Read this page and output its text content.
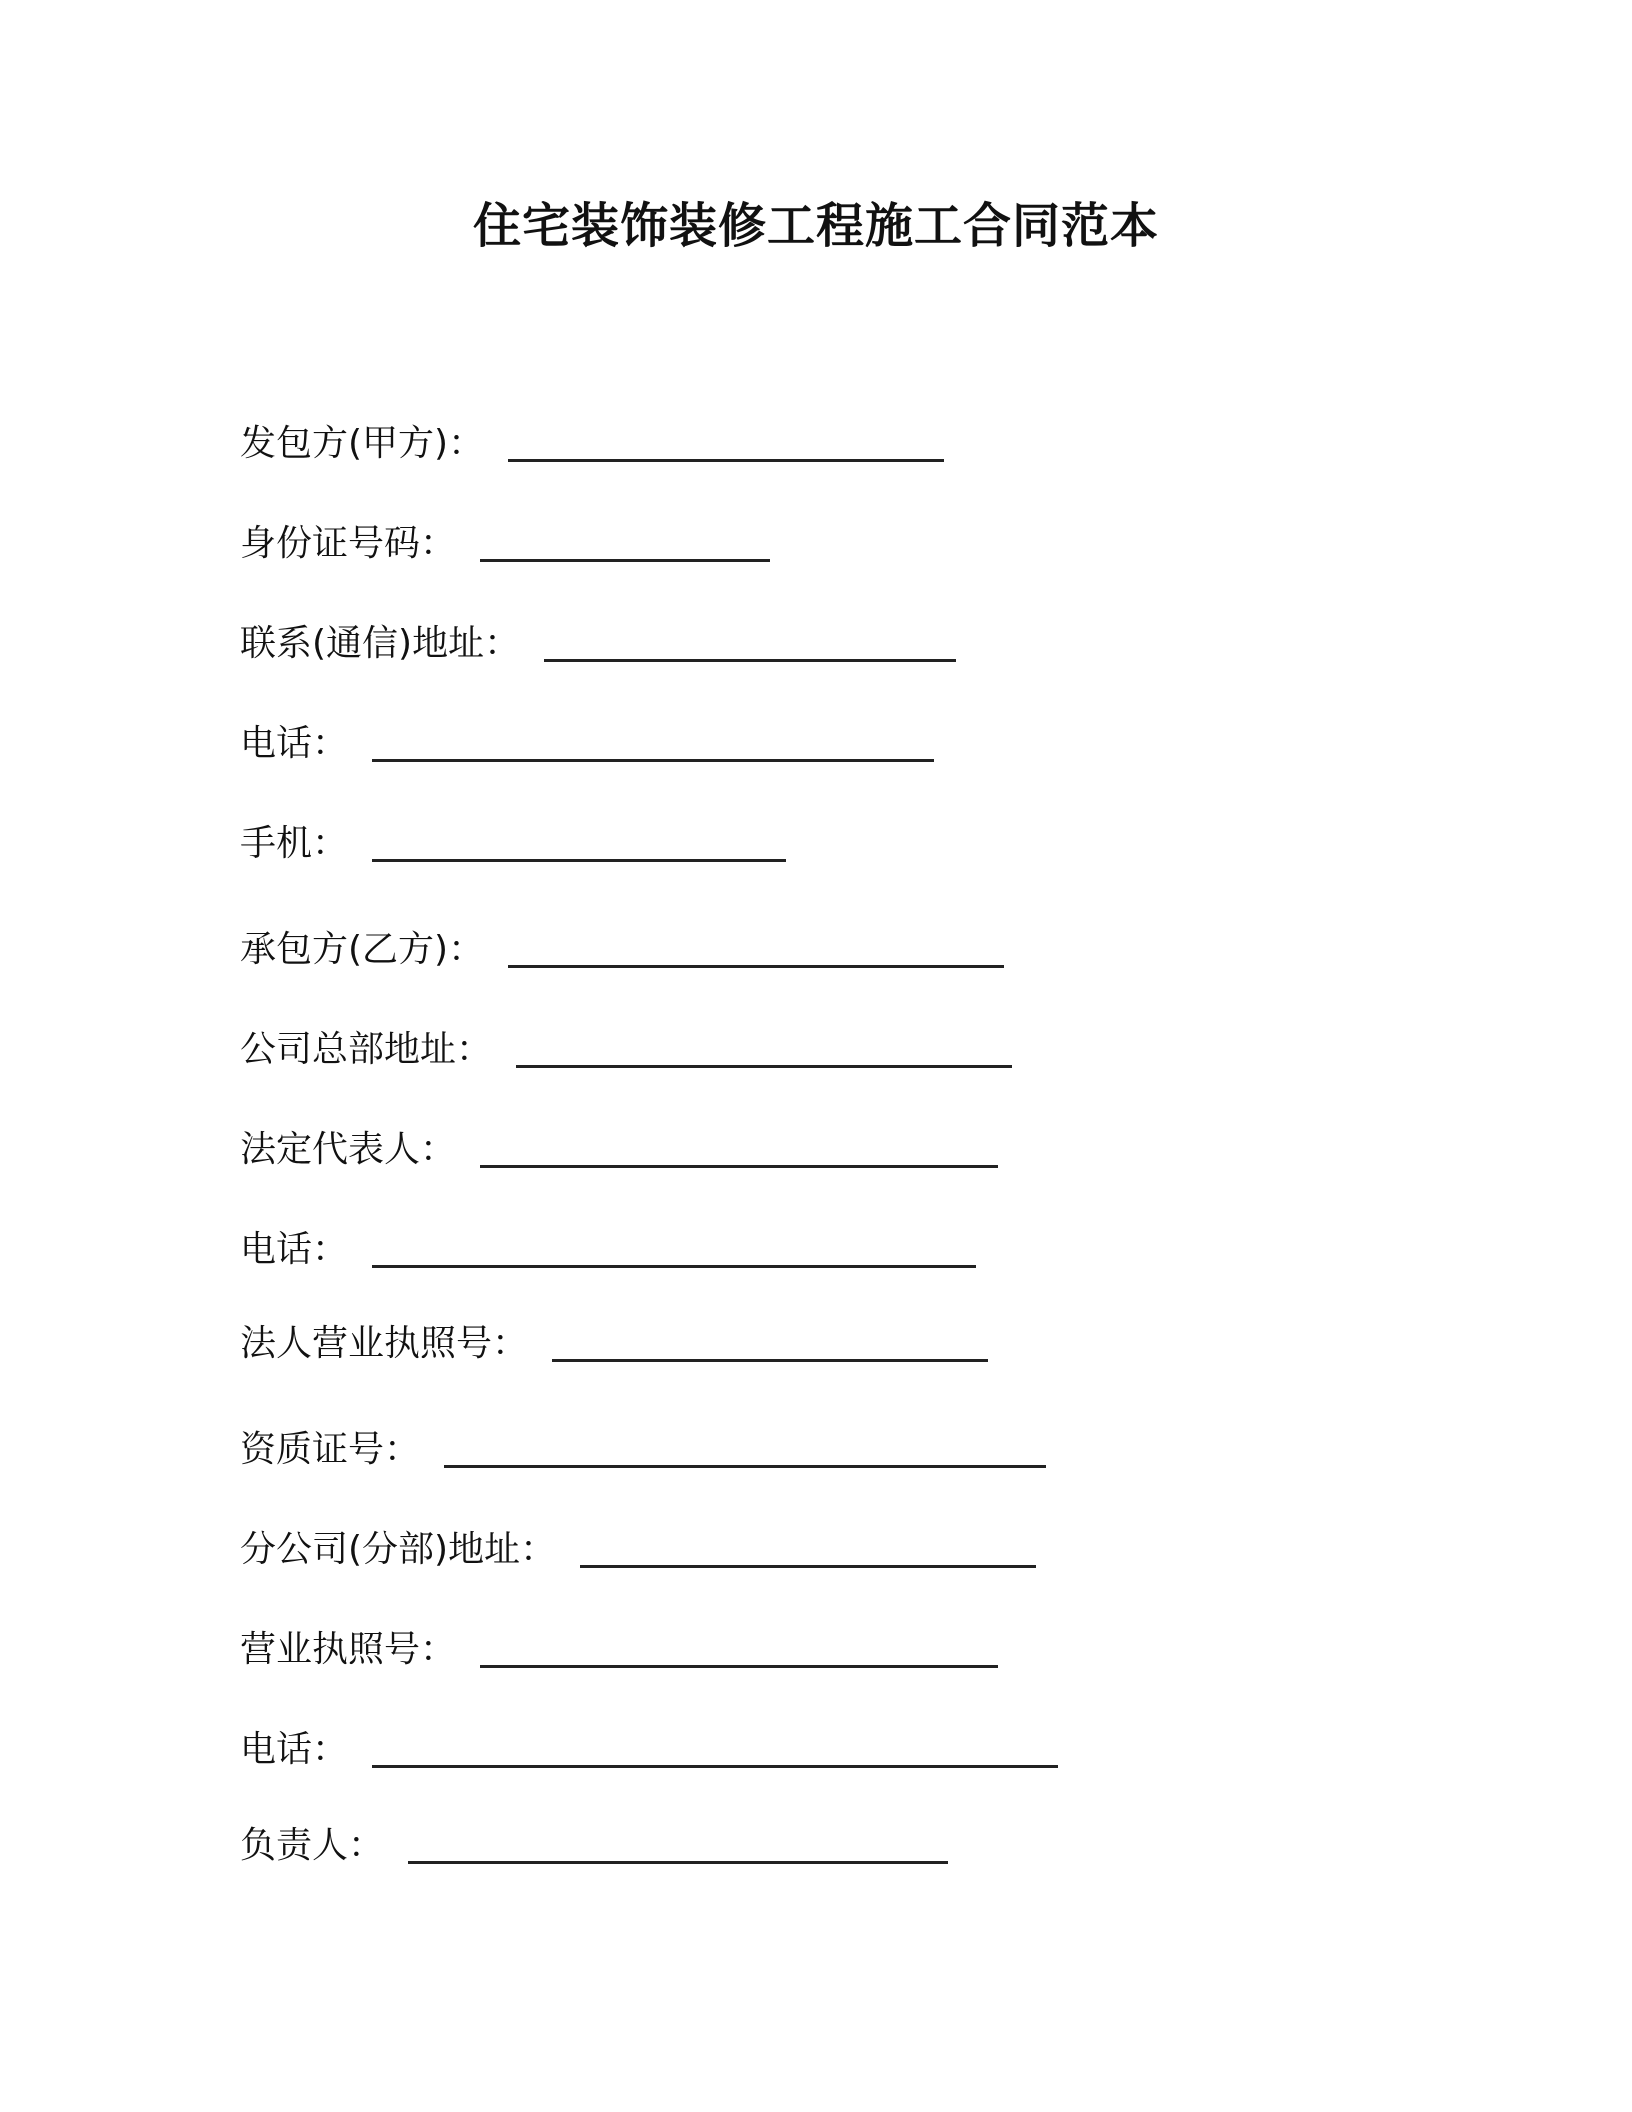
住宅装饰装修工程施工合同范本
发包方(甲方)：
身份证号码：
联系(通信)地址：
电话：
手机：
承包方(乙方)：
公司总部地址：
法定代表人：
电话：
法人营业执照号：
资质证号：
分公司(分部)地址：
营业执照号：
电话：
负责人：
